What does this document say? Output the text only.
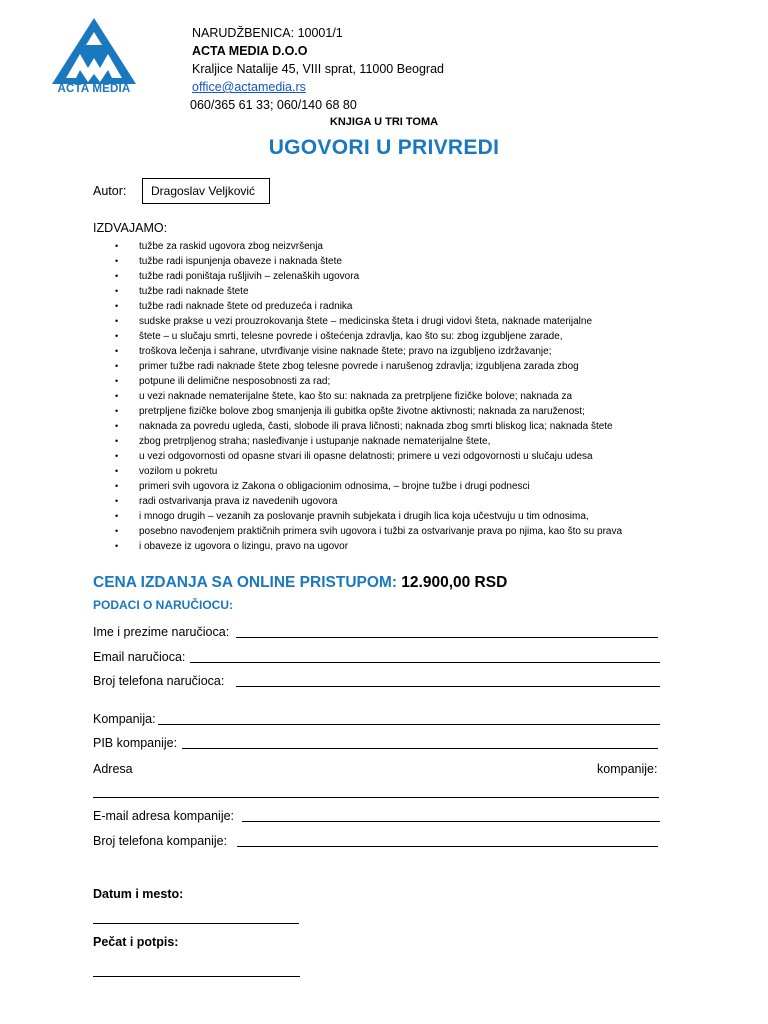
ACTA MEDIA
NARUDŽBENICA: 10001/1
ACTA MEDIA D.O.O
Kraljice Natalije 45, VIII sprat, 11000 Beograd
office@actamedia.rs
060/365 61 33; 060/140 68 80
KNJIGA U TRI TOMA
UGOVORI U PRIVREDI
Autor:	Dragoslav Veljković
IZDVAJAMO:
• tužbe za raskid ugovora zbog neizvršenja
• tužbe radi ispunjenja obaveze i naknada štete
• tužbe radi poništaja rušljivih – zelenaških ugovora
• tužbe radi naknade štete
• tužbe radi naknade štete od preduzeća i radnika
• sudske prakse u vezi prouzrokovanja štete – medicinska šteta i drugi vidovi šteta, naknade materijalne
• štete – u slučaju smrti, telesne povrede i oštećenja zdravlja, kao što su: zbog izgubljene zarade,
• troškova lečenja i sahrane, utvrđivanje visine naknade štete; pravo na izgubljeno izdržavanje;
• primer tužbe radi naknade štete zbog telesne povrede i narušenog zdravlja; izgubljena zarada zbog
• potpune ili delimične nesposobnosti za rad;
• u vezi naknade nematerijalne štete, kao što su: naknada za pretrpljene fizičke bolove; naknada za
• pretrpljene fizičke bolove zbog smanjenja ili gubitka opšte životne aktivnosti; naknada za naruženost;
• naknada za povredu ugleda, časti, slobode ili prava ličnosti; naknada zbog smrti bliskog lica; naknada štete
• zbog pretrpljenog straha; nasleđivanje i ustupanje naknade nematerijalne štete,
• u vezi odgovornosti od opasne stvari ili opasne delatnosti; primere u vezi odgovornosti u slučaju udesa
• vozilom u pokretu
• primeri svih ugovora iz Zakona o obligacionim odnosima, – brojne tužbe i drugi podnesci
• radi ostvarivanja prava iz navedenih ugovora
• i mnogo drugih – vezanih za poslovanje pravnih subjekata i drugih lica koja učestvuju u tim odnosima,
• posebno navođenjem praktičnih primera svih ugovora i tužbi za ostvarivanje prava po njima, kao što su prava
• i obaveze iz ugovora o lizingu, pravo na ugovor
CENA IZDANJA SA ONLINE PRISTUPOM: 12.900,00 RSD
PODACI O NARUČIOCU:
Ime i prezime naručioca:
Email naručioca:
Broj telefona naručioca:
Kompanija:
PIB kompanije:
Adresa	kompanije:
E-mail adresa kompanije:
Broj telefona kompanije:
Datum i mesto:
Pečat i potpis:
